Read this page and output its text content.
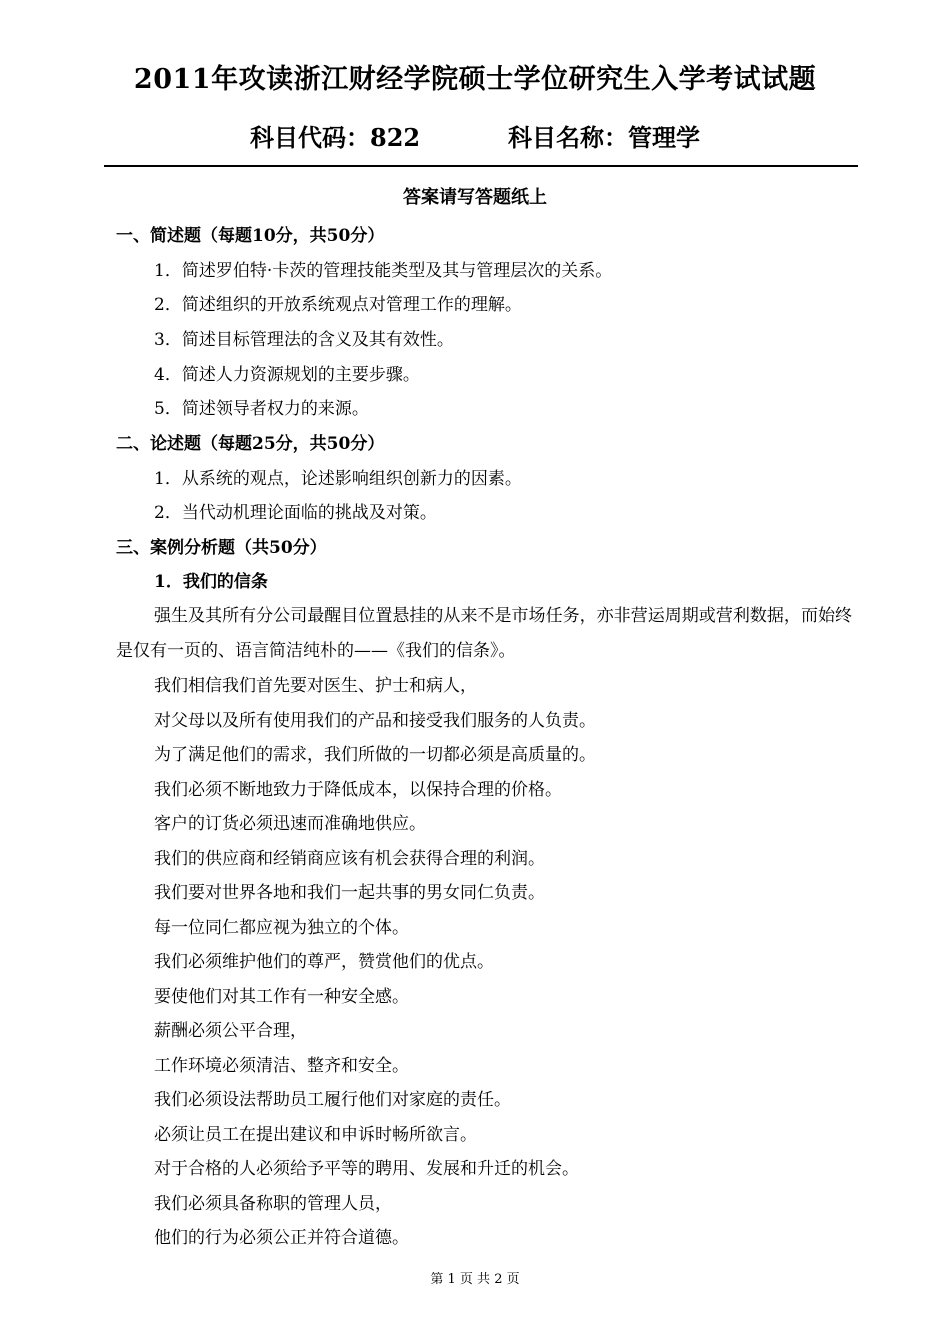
2011年攻读浙江财经学院硕士学位研究生入学考试试题
科目代码：822	科目名称：管理学
答案请写答题纸上
一、简述题（每题10分，共50分）
1．简述罗伯特·卡茨的管理技能类型及其与管理层次的关系。
2．简述组织的开放系统观点对管理工作的理解。
3．简述目标管理法的含义及其有效性。
4．简述人力资源规划的主要步骤。
5．简述领导者权力的来源。
二、论述题（每题25分，共50分）
1．从系统的观点，论述影响组织创新力的因素。
2．当代动机理论面临的挑战及对策。
三、案例分析题（共50分）
1．我们的信条
强生及其所有分公司最醒目位置悬挂的从来不是市场任务，亦非营运周期或营利数据，而始终是仅有一页的、语言简洁纯朴的——《我们的信条》。
我们相信我们首先要对医生、护士和病人，
对父母以及所有使用我们的产品和接受我们服务的人负责。
为了满足他们的需求，我们所做的一切都必须是高质量的。
我们必须不断地致力于降低成本，以保持合理的价格。
客户的订货必须迅速而准确地供应。
我们的供应商和经销商应该有机会获得合理的利润。
我们要对世界各地和我们一起共事的男女同仁负责。
每一位同仁都应视为独立的个体。
我们必须维护他们的尊严，赞赏他们的优点。
要使他们对其工作有一种安全感。
薪酬必须公平合理，
工作环境必须清洁、整齐和安全。
我们必须设法帮助员工履行他们对家庭的责任。
必须让员工在提出建议和申诉时畅所欲言。
对于合格的人必须给予平等的聘用、发展和升迁的机会。
我们必须具备称职的管理人员，
他们的行为必须公正并符合道德。
第 1 页 共 2 页
